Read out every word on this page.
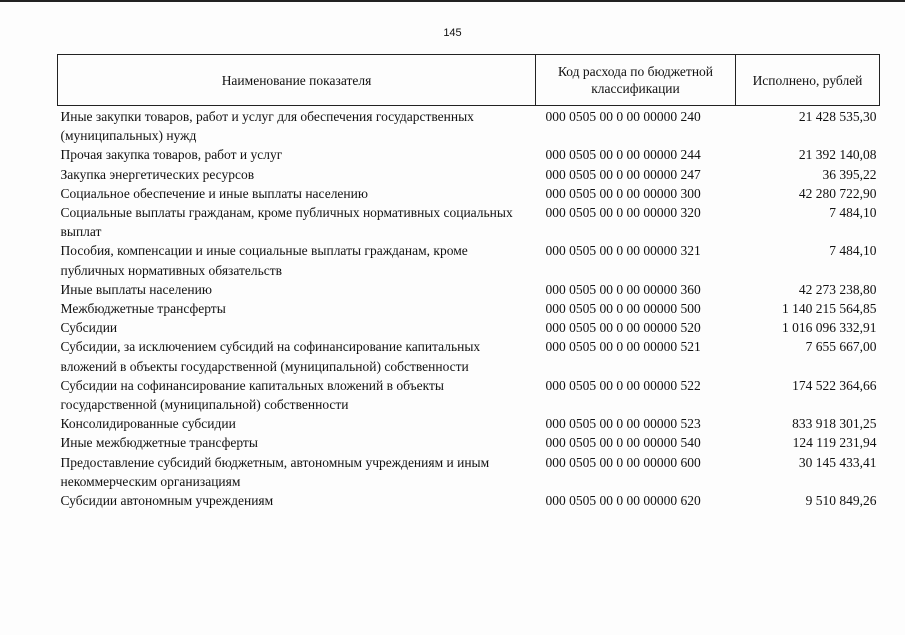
145
Наименование показателя	Код расхода по бюджетной классификации	Исполнено, рублей
Иные закупки товаров, работ и услуг для обеспечения государственных (муниципальных) нужд	000 0505 00 0 00 00000 240	21 428 535,30
Прочая закупка товаров, работ и услуг	000 0505 00 0 00 00000 244	21 392 140,08
Закупка энергетических ресурсов	000 0505 00 0 00 00000 247	36 395,22
Социальное обеспечение и иные выплаты населению	000 0505 00 0 00 00000 300	42 280 722,90
Социальные выплаты гражданам, кроме публичных нормативных социальных выплат	000 0505 00 0 00 00000 320	7 484,10
Пособия, компенсации и иные социальные выплаты гражданам, кроме публичных нормативных обязательств	000 0505 00 0 00 00000 321	7 484,10
Иные выплаты населению	000 0505 00 0 00 00000 360	42 273 238,80
Межбюджетные трансферты	000 0505 00 0 00 00000 500	1 140 215 564,85
Субсидии	000 0505 00 0 00 00000 520	1 016 096 332,91
Субсидии, за исключением субсидий на софинансирование капитальных вложений в объекты государственной (муниципальной) собственности	000 0505 00 0 00 00000 521	7 655 667,00
Субсидии на софинансирование капитальных вложений в объекты государственной (муниципальной) собственности	000 0505 00 0 00 00000 522	174 522 364,66
Консолидированные субсидии	000 0505 00 0 00 00000 523	833 918 301,25
Иные межбюджетные трансферты	000 0505 00 0 00 00000 540	124 119 231,94
Предоставление субсидий бюджетным, автономным учреждениям и иным некоммерческим организациям	000 0505 00 0 00 00000 600	30 145 433,41
Субсидии автономным учреждениям	000 0505 00 0 00 00000 620	9 510 849,26
